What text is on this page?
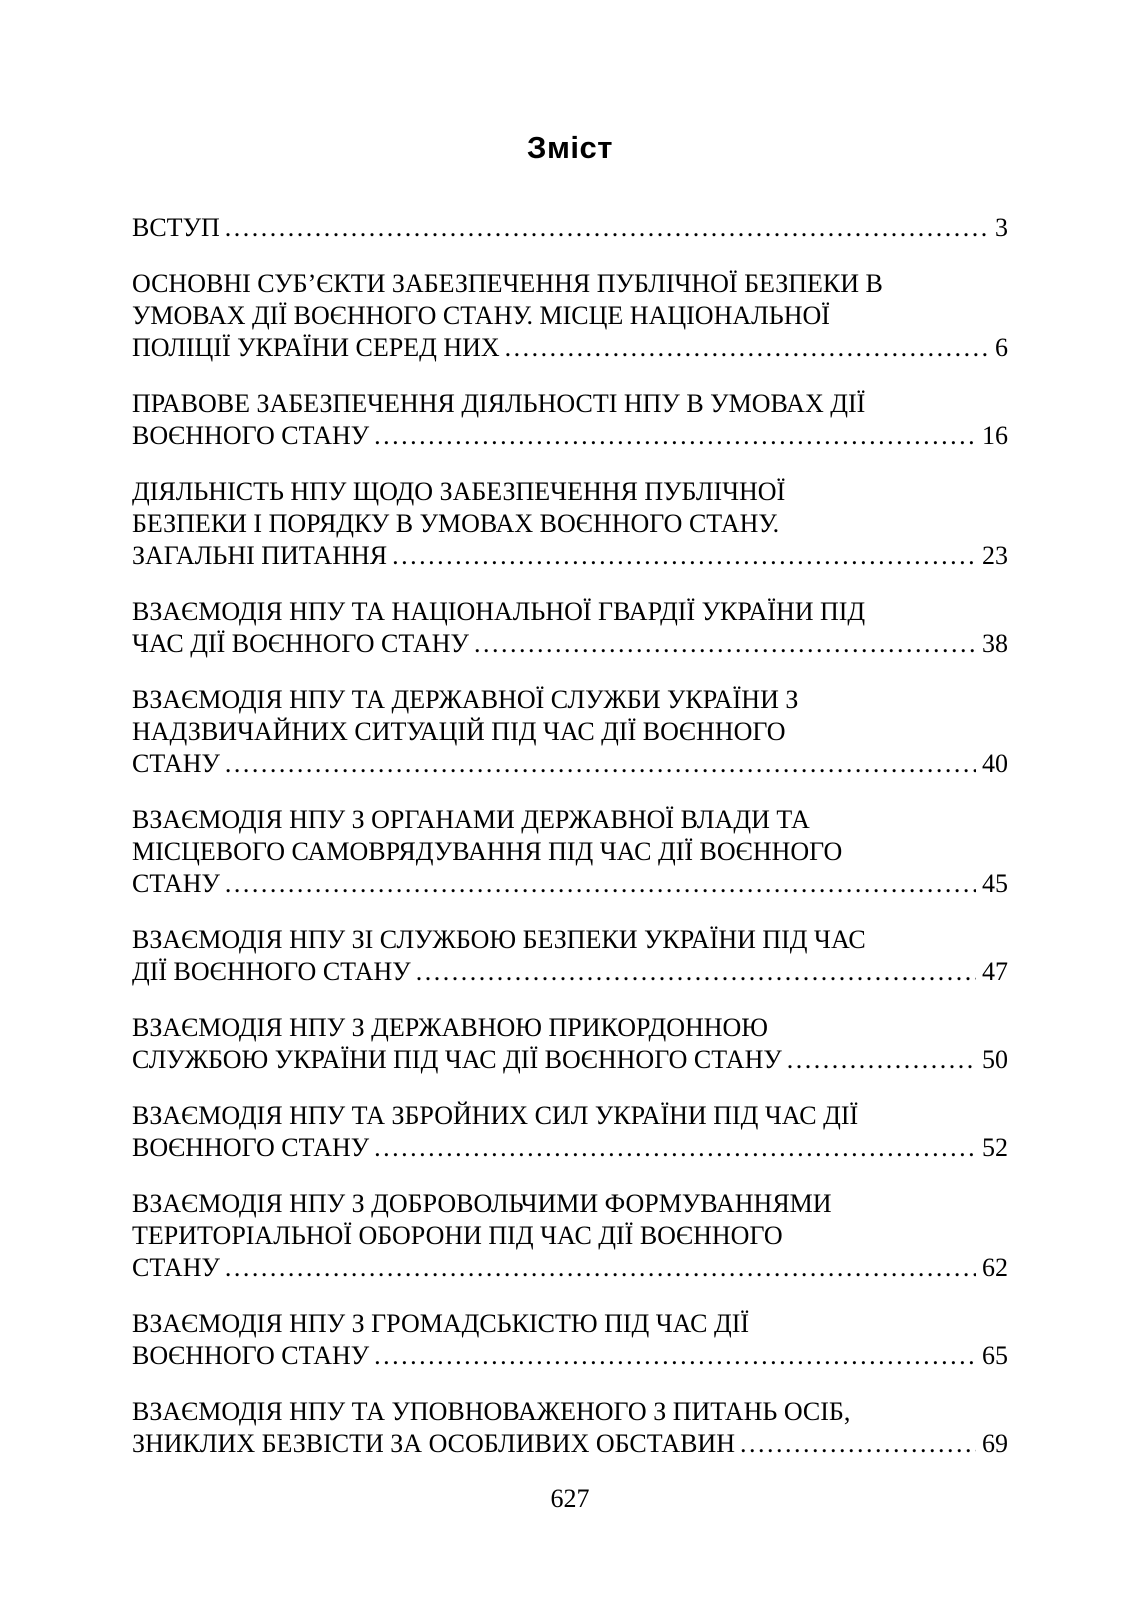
Зміст
ВСТУП .....	3
ОСНОВНІ СУБ’ЄКТИ ЗАБЕЗПЕЧЕННЯ ПУБЛІЧНОЇ БЕЗПЕКИ В
УМОВАХ ДІЇ ВОЄННОГО СТАНУ. МІСЦЕ НАЦІОНАЛЬНОЇ
ПОЛІЦІЇ УКРАЇНИ СЕРЕД НИХ .....	6
ПРАВОВЕ ЗАБЕЗПЕЧЕННЯ ДІЯЛЬНОСТІ НПУ В УМОВАХ ДІЇ
ВОЄННОГО СТАНУ .....	16
ДІЯЛЬНІСТЬ НПУ ЩОДО ЗАБЕЗПЕЧЕННЯ ПУБЛІЧНОЇ
БЕЗПЕКИ І ПОРЯДКУ В УМОВАХ ВОЄННОГО СТАНУ.
ЗАГАЛЬНІ ПИТАННЯ .....	23
ВЗАЄМОДІЯ НПУ ТА НАЦІОНАЛЬНОЇ ГВАРДІЇ УКРАЇНИ ПІД
ЧАС ДІЇ ВОЄННОГО СТАНУ .....	38
ВЗАЄМОДІЯ НПУ ТА ДЕРЖАВНОЇ СЛУЖБИ УКРАЇНИ З
НАДЗВИЧАЙНИХ СИТУАЦІЙ ПІД ЧАС ДІЇ ВОЄННОГО
СТАНУ .....	40
ВЗАЄМОДІЯ НПУ З ОРГАНАМИ ДЕРЖАВНОЇ ВЛАДИ ТА
МІСЦЕВОГО САМОВРЯДУВАННЯ ПІД ЧАС ДІЇ ВОЄННОГО
СТАНУ .....	45
ВЗАЄМОДІЯ НПУ ЗІ СЛУЖБОЮ БЕЗПЕКИ УКРАЇНИ ПІД ЧАС
ДІЇ ВОЄННОГО СТАНУ .....	47
ВЗАЄМОДІЯ НПУ З ДЕРЖАВНОЮ ПРИКОРДОННОЮ
СЛУЖБОЮ УКРАЇНИ ПІД ЧАС ДІЇ ВОЄННОГО СТАНУ .....	50
ВЗАЄМОДІЯ НПУ ТА ЗБРОЙНИХ СИЛ УКРАЇНИ ПІД ЧАС ДІЇ
ВОЄННОГО СТАНУ .....	52
ВЗАЄМОДІЯ НПУ З ДОБРОВОЛЬЧИМИ ФОРМУВАННЯМИ
ТЕРИТОРІАЛЬНОЇ ОБОРОНИ ПІД ЧАС ДІЇ ВОЄННОГО
СТАНУ .....	62
ВЗАЄМОДІЯ НПУ З ГРОМАДСЬКІСТЮ ПІД ЧАС ДІЇ
ВОЄННОГО СТАНУ .....	65
ВЗАЄМОДІЯ НПУ ТА УПОВНОВАЖЕНОГО З ПИТАНЬ ОСІБ,
ЗНИКЛИХ БЕЗВІСТИ ЗА ОСОБЛИВИХ ОБСТАВИН .....	69
627
